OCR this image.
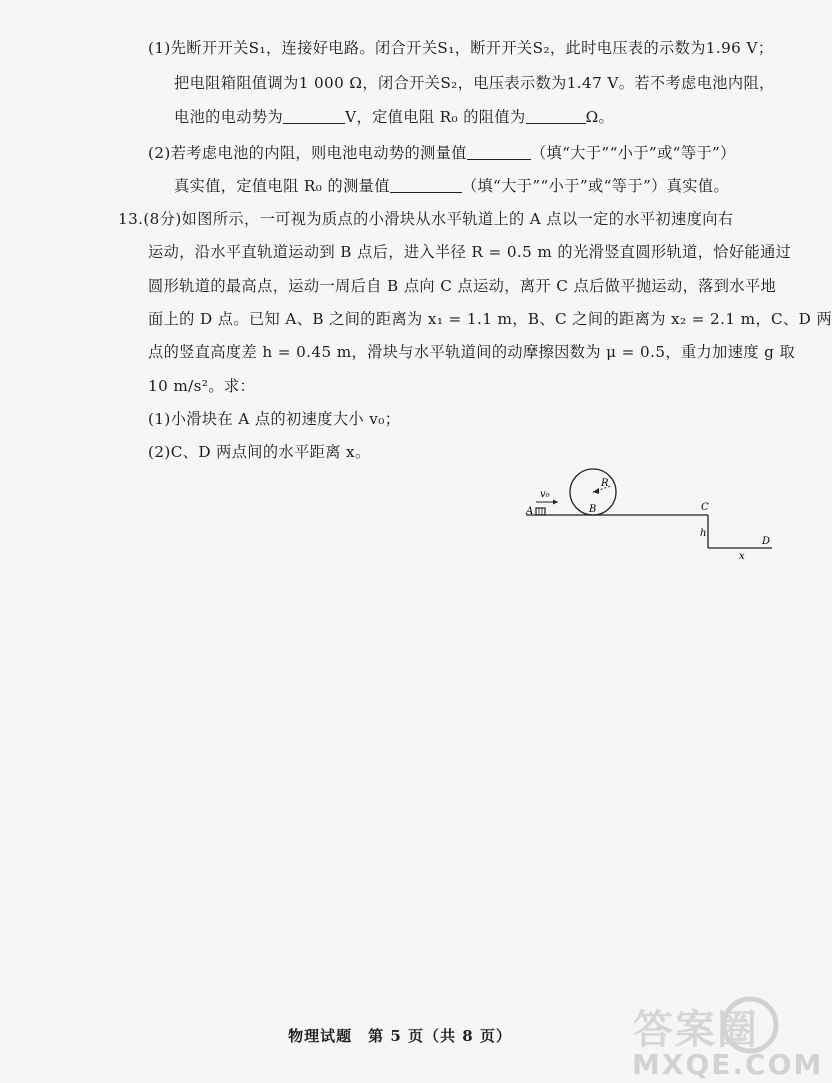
(1)先断开开关S₁，连接好电路。闭合开关S₁，断开开关S₂，此时电压表的示数为1.96 V；
把电阻箱阻值调为1 000 Ω，闭合开关S₂，电压表示数为1.47 V。若不考虑电池内阻，
电池的电动势为	V，定值电阻 R₀ 的阻值为	Ω。
(2)若考虑电池的内阻，则电池电动势的测量值	（填“大于”“小于”或“等于”）
真实值，定值电阻 R₀ 的测量值	（填“大于”“小于”或“等于”）真实值。
13.(8分)如图所示，一可视为质点的小滑块从水平轨道上的 A 点以一定的水平初速度向右
运动，沿水平直轨道运动到 B 点后，进入半径 R = 0.5 m 的光滑竖直圆形轨道，恰好能通过
圆形轨道的最高点，运动一周后自 B 点向 C 点运动，离开 C 点后做平抛运动，落到水平地
面上的 D 点。已知 A、B 之间的距离为 x₁ = 1.1 m，B、C 之间的距离为 x₂ = 2.1 m，C、D 两
点的竖直高度差 h = 0.45 m，滑块与水平轨道间的动摩擦因数为 μ = 0.5，重力加速度 g 取
10 m/s²。求：
(1)小滑块在 A 点的初速度大小 v₀；
(2)C、D 两点间的水平距离 x。
v₀
A	B
R
C
h
D
x
物理试题　第 5 页（共 8 页）	答案圈
MXQE.COM
